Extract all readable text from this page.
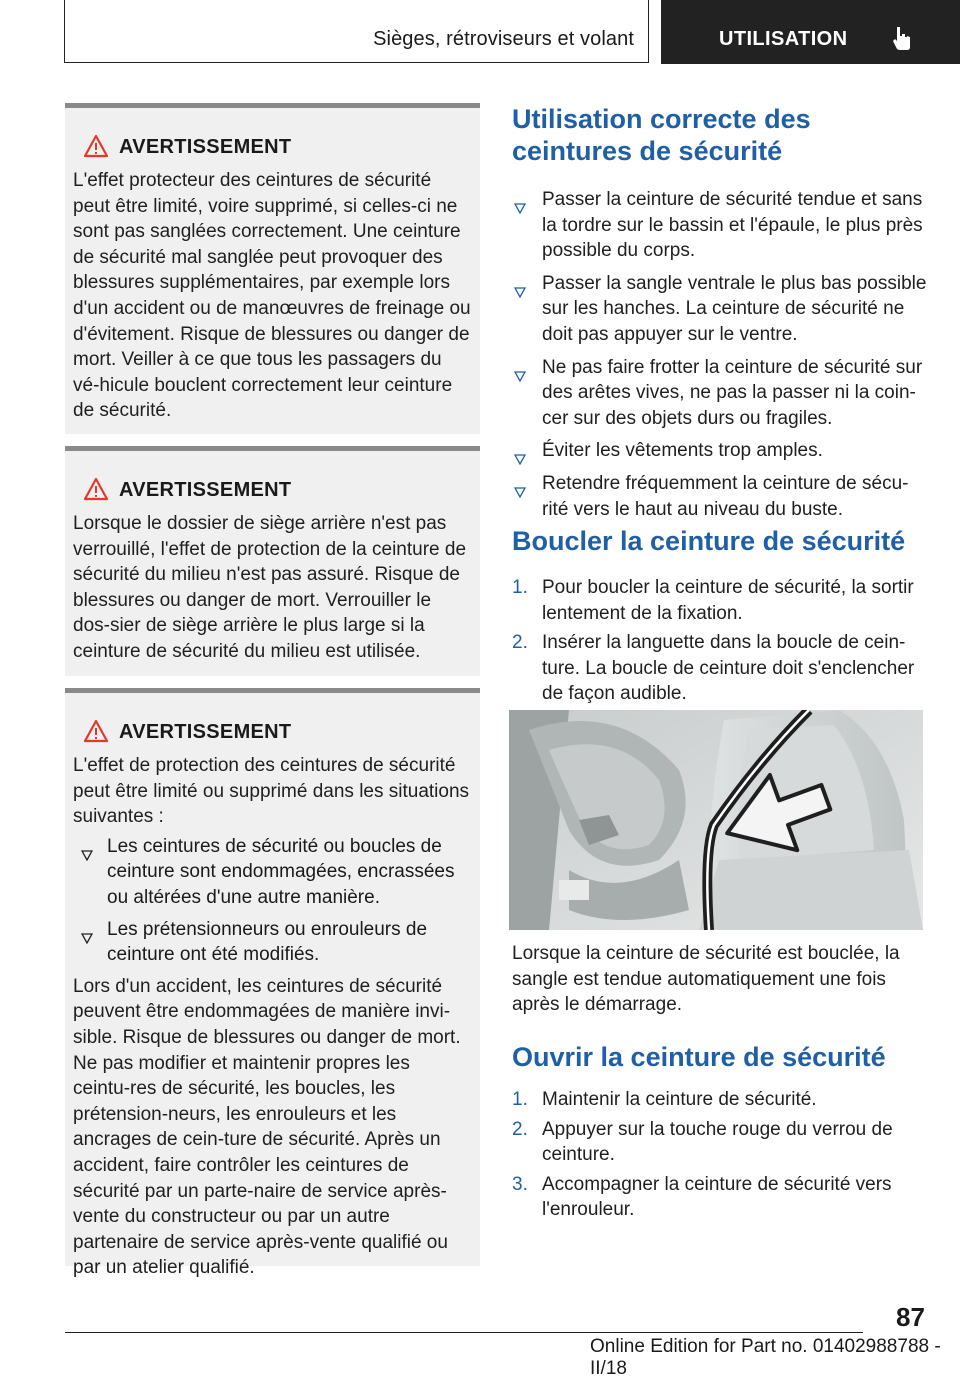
Sièges, rétroviseurs et volant	UTILISATION
AVERTISSEMENT

L'effet protecteur des ceintures de sécurité peut être limité, voire supprimé, si celles-ci ne sont pas sanglées correctement. Une ceinture de sécurité mal sanglée peut provoquer des blessures supplémentaires, par exemple lors d'un accident ou de manœuvres de freinage ou d'évitement. Risque de blessures ou danger de mort. Veiller à ce que tous les passagers du vé‐hicule bouclent correctement leur ceinture de sécurité.

AVERTISSEMENT

Lorsque le dossier de siège arrière n'est pas verrouillé, l'effet de protection de la ceinture de sécurité du milieu n'est pas assuré. Risque de blessures ou danger de mort. Verrouiller le dos‐sier de siège arrière le plus large si la ceinture de sécurité du milieu est utilisée.

AVERTISSEMENT

L'effet de protection des ceintures de sécurité peut être limité ou supprimé dans les situations suivantes :

Les ceintures de sécurité ou boucles de ceinture sont endommagées, encrassées ou altérées d'une autre manière.
Les prétensionneurs ou enrouleurs de ceinture ont été modifiés.

Lors d'un accident, les ceintures de sécurité peuvent être endommagées de manière invi‐sible. Risque de blessures ou danger de mort. Ne pas modifier et maintenir propres les ceintu‐res de sécurité, les boucles, les prétension‐neurs, les enrouleurs et les ancrages de cein‐ture de sécurité. Après un accident, faire contrôler les ceintures de sécurité par un parte‐naire de service après-vente du constructeur ou par un autre partenaire de service après-vente qualifié ou par un atelier qualifié.

Utilisation correcte des ceintures de sécurité
Passer la ceinture de sécurité tendue et sans la tordre sur le bassin et l'épaule, le plus près possible du corps.
Passer la sangle ventrale le plus bas possible sur les hanches. La ceinture de sécurité ne doit pas appuyer sur le ventre.
Ne pas faire frotter la ceinture de sécurité sur des arêtes vives, ne pas la passer ni la coin‐cer sur des objets durs ou fragiles.
Éviter les vêtements trop amples.
Retendre fréquemment la ceinture de sécu‐rité vers le haut au niveau du buste.
Boucler la ceinture de sécurité
1. Pour boucler la ceinture de sécurité, la sortir lentement de la fixation.
2. Insérer la languette dans la boucle de cein‐ture. La boucle de ceinture doit s'enclencher de façon audible.

Lorsque la ceinture de sécurité est bouclée, la sangle est tendue automatiquement une fois après le démarrage.

Ouvrir la ceinture de sécurité
1. Maintenir la ceinture de sécurité.
2. Appuyer sur la touche rouge du verrou de ceinture.
3. Accompagner la ceinture de sécurité vers l'enrouleur.
87
Online Edition for Part no. 01402988788 - II/18
